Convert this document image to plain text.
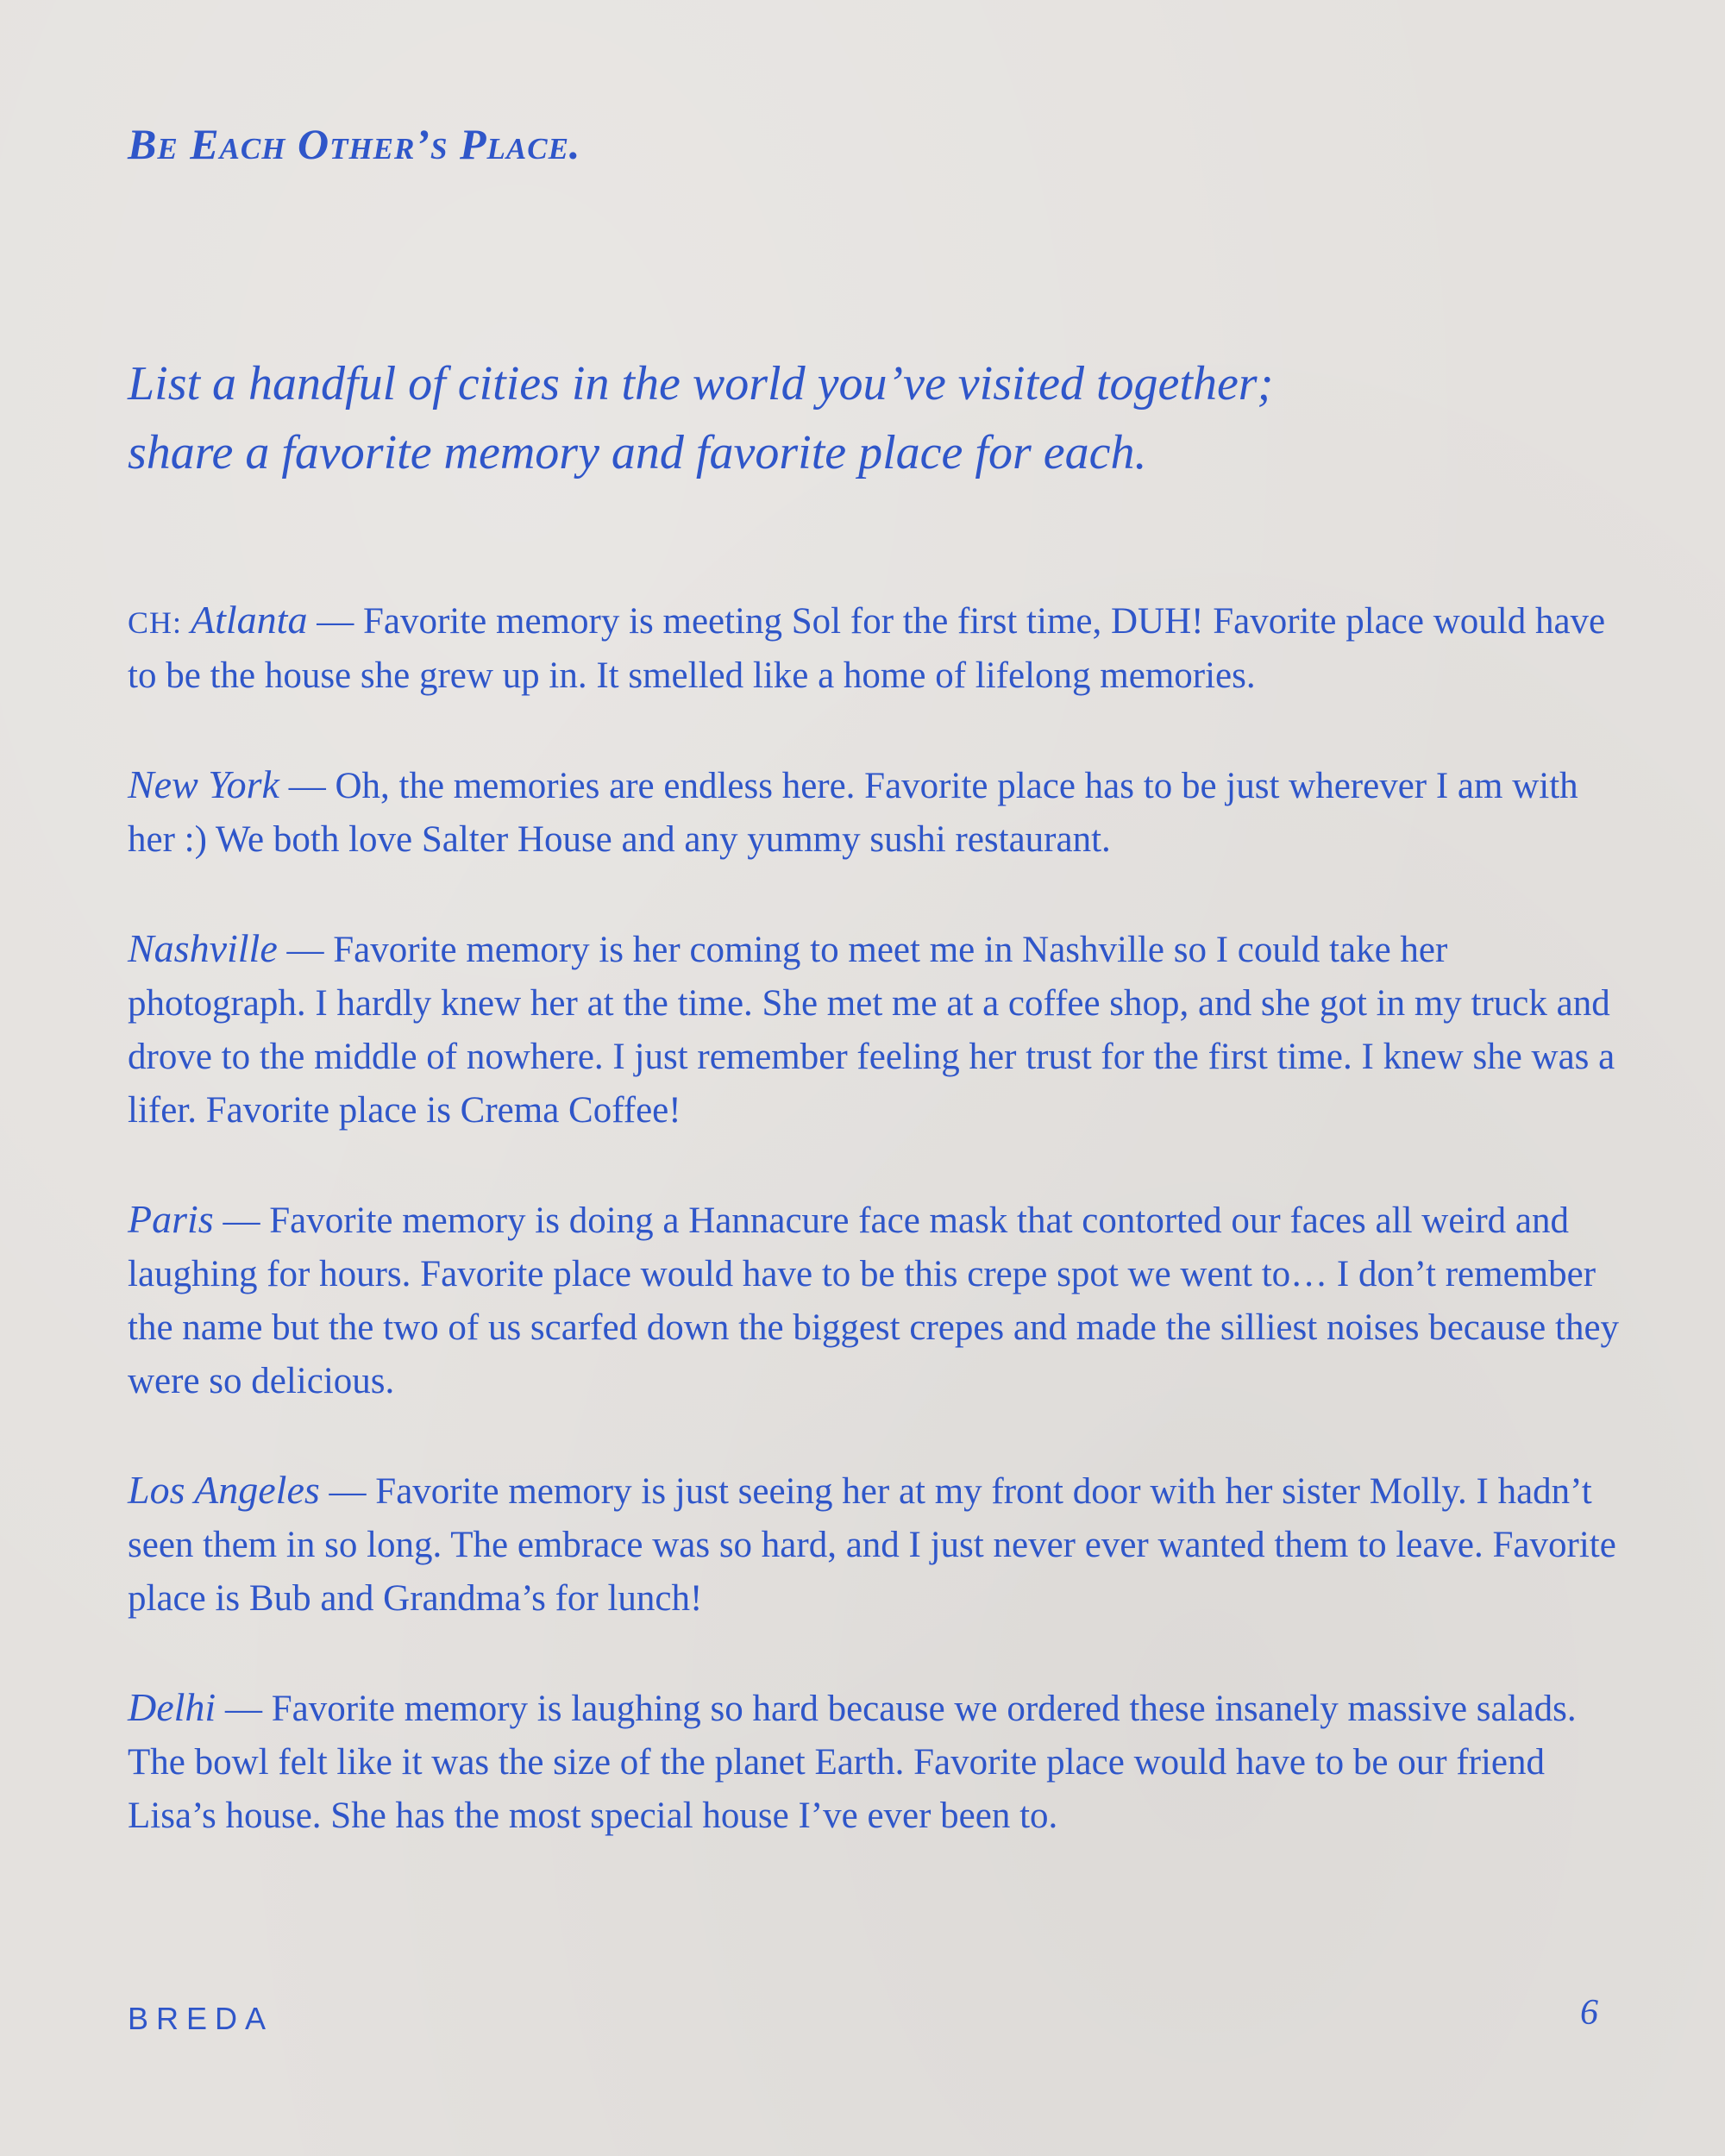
Be Each Other’s Place.
List a handful of cities in the world you’ve visited together;
share a favorite memory and favorite place for each.

CH: Atlanta — Favorite memory is meeting Sol for the first time, DUH! Favorite place would have to be the house she grew up in. It smelled like a home of lifelong memories.

New York — Oh, the memories are endless here. Favorite place has to be just wherever I am with her :) We both love Salter House and any yummy sushi restaurant.

Nashville — Favorite memory is her coming to meet me in Nashville so I could take her photograph. I hardly knew her at the time. She met me at a coffee shop, and she got in my truck and drove to the middle of nowhere. I just remember feeling her trust for the first time. I knew she was a lifer. Favorite place is Crema Coffee!

Paris — Favorite memory is doing a Hannacure face mask that contorted our faces all weird and laughing for hours. Favorite place would have to be this crepe spot we went to… I don’t remember the name but the two of us scarfed down the biggest crepes and made the silliest noises because they were so delicious.

Los Angeles — Favorite memory is just seeing her at my front door with her sister Molly. I hadn’t seen them in so long. The embrace was so hard, and I just never ever wanted them to leave. Favorite place is Bub and Grandma’s for lunch!

Delhi — Favorite memory is laughing so hard because we ordered these insanely massive salads. The bowl felt like it was the size of the planet Earth. Favorite place would have to be our friend Lisa’s house. She has the most special house I’ve ever been to.

BREDA	6
